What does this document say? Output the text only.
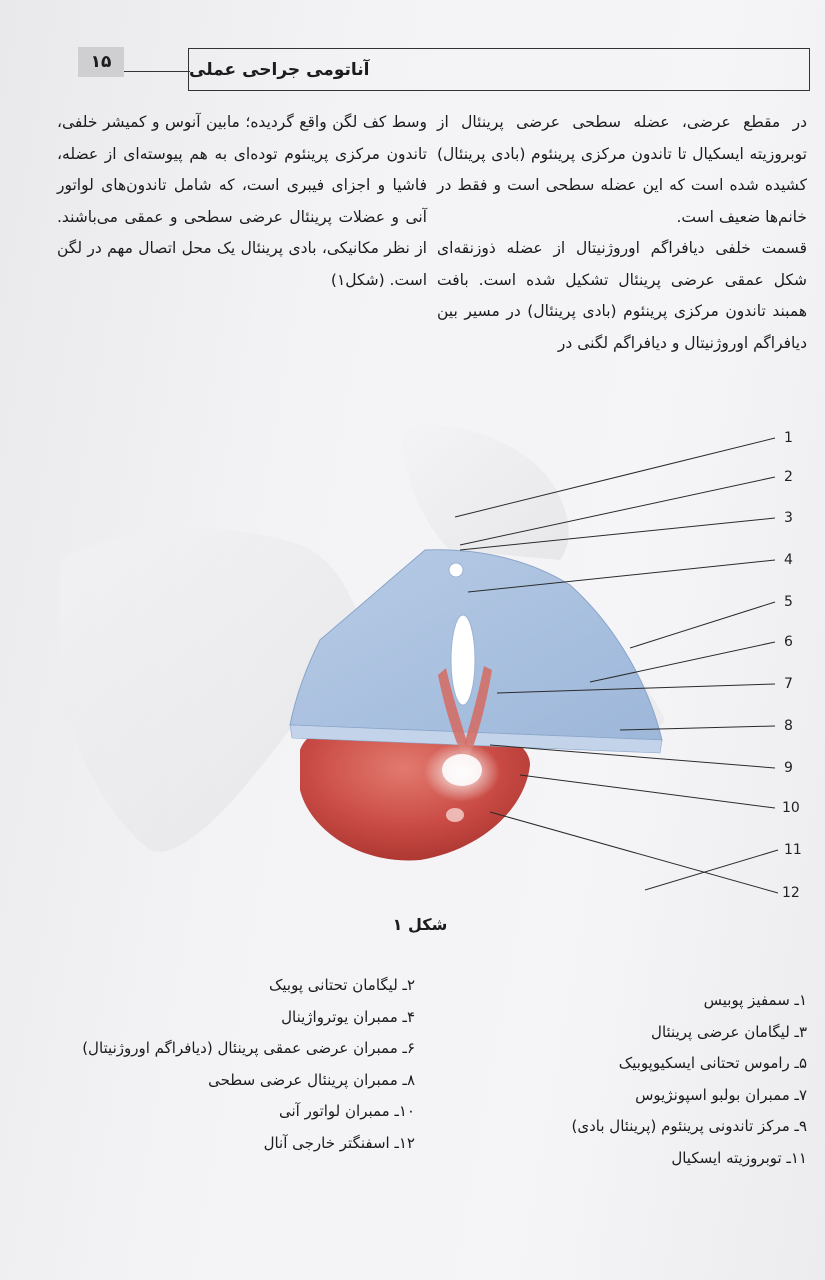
۱۵	آناتومی جراحی عملی

در مقطع عرضی، عضله سطحی عرضی پرینئال از توبروزیته ایسکیال تا تاندون مرکزی پرینئوم (بادی پرینئال) کشیده شده است که این عضله سطحی است و فقط در خانم‌ها ضعیف است.

قسمت خلفی دیافراگم اوروژنیتال از عضله ذوزنقه‌ای شکل عمقی عرضی پرینئال تشکیل شده است. بافت همبند تاندون مرکزی پرینئوم (بادی پرینئال) در مسیر بین دیافراگم اوروژنیتال و دیافراگم لگنی در

وسط کف لگن واقع گردیده؛ مابین آنوس و کمیشر خلفی، تاندون مرکزی پرینئوم توده‌ای به هم پیوسته‌ای از عضله، فاشیا و اجزای فیبری است، که شامل تاندون‌های لواتور آنی و عضلات پرینئال عرضی سطحی و عمقی می‌باشند. از نظر مکانیکی، بادی پرینئال یک محل اتصال مهم در لگن است. (شکل۱)

1
2
3
4
5
6
7
8
9
10
11
12
شکل ۱
۱ـ سمفیز پوبیس
۳ـ لیگامان عرضی پرینئال
۵ـ راموس تحتانی ایسکیوپوبیک
۷ـ ممبران بولبو اسپونژیوس
۹ـ مرکز تاندونی پرینئوم (پرینئال بادی)
۱۱ـ توبروزیته ایسکیال
۲ـ لیگامان تحتانی پوبیک
۴ـ ممبران یوترواژینال
۶ـ ممبران عرضی عمقی پرینئال (دیافراگم اوروژنیتال)
۸ـ ممبران پرینئال عرضی سطحی
۱۰ـ ممبران لواتور آنی
۱۲ـ اسفنگتر خارجی آنال
